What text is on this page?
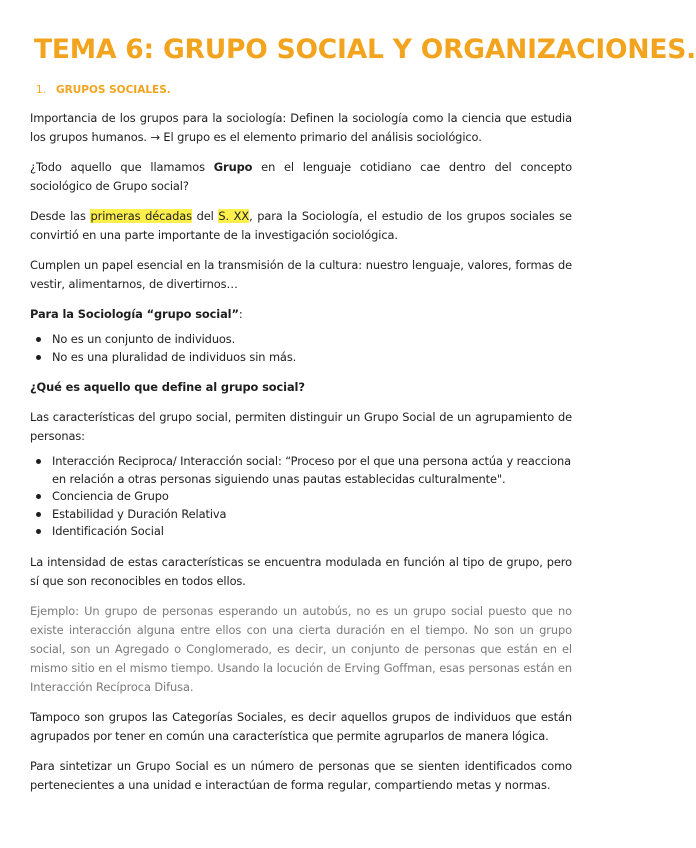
TEMA 6: GRUPO SOCIAL Y ORGANIZACIONES.
1. GRUPOS SOCIALES.

Importancia de los grupos para la sociología: Definen la sociología como la ciencia que estudia los grupos humanos. → El grupo es el elemento primario del análisis sociológico.

¿Todo aquello que llamamos Grupo en el lenguaje cotidiano cae dentro del concepto sociológico de Grupo social?

Desde las primeras décadas del S. XX, para la Sociología, el estudio de los grupos sociales se convirtió en una parte importante de la investigación sociológica.

Cumplen un papel esencial en la transmisión de la cultura: nuestro lenguaje, valores, formas de vestir, alimentarnos, de divertirnos…

Para la Sociología “grupo social”:

No es un conjunto de individuos.
No es una pluralidad de individuos sin más.

¿Qué es aquello que define al grupo social?

Las características del grupo social, permiten distinguir un Grupo Social de un agrupamiento de personas:

Interacción Reciproca/ Interacción social: “Proceso por el que una persona actúa y reacciona en relación a otras personas siguiendo unas pautas establecidas culturalmente".
Conciencia de Grupo
Estabilidad y Duración Relativa
Identificación Social

La intensidad de estas características se encuentra modulada en función al tipo de grupo, pero sí que son reconocibles en todos ellos.

Ejemplo: Un grupo de personas esperando un autobús, no es un grupo social puesto que no existe interacción alguna entre ellos con una cierta duración en el tiempo. No son un grupo social, son un Agregado o Conglomerado, es decir, un conjunto de personas que están en el mismo sitio en el mismo tiempo. Usando la locución de Erving Goffman, esas personas están en Interacción Recíproca Difusa.

Tampoco son grupos las Categorías Sociales, es decir aquellos grupos de individuos que están agrupados por tener en común una característica que permite agruparlos de manera lógica.

Para sintetizar un Grupo Social es un número de personas que se sienten identificados como pertenecientes a una unidad e interactúan de forma regular, compartiendo metas y normas.
